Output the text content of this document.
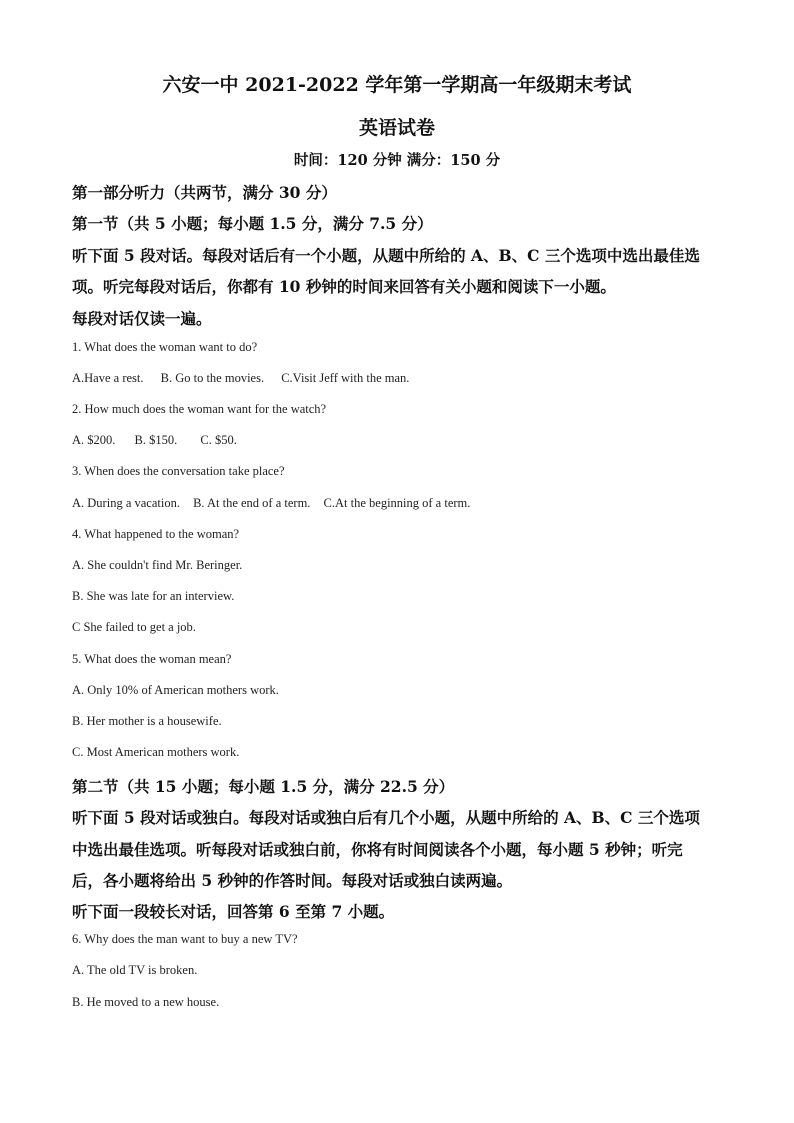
六安一中 2021-2022 学年第一学期高一年级期末考试
英语试卷
时间：120 分钟 满分：150 分
第一部分听力（共两节，满分 30 分）
第一节（共 5 小题；每小题 1.5 分，满分 7.5 分）
听下面 5 段对话。每段对话后有一个小题，从题中所给的 A、B、C 三个选项中选出最佳选
项。听完每段对话后，你都有 10 秒钟的时间来回答有关小题和阅读下一小题。
每段对话仅读一遍。
1. What does the woman want to do?
A.Have a rest. B. Go to the movies. C.Visit Jeff with the man.
2. How much does the woman want for the watch?
A. $200. B. $150. C. $50.
3. When does the conversation take place?
A. During a vacation. B. At the end of a term. C.At the beginning of a term.
4. What happened to the woman?
A. She couldn't find Mr. Beringer.
B. She was late for an interview.
C She failed to get a job.
5. What does the woman mean?
A. Only 10% of American mothers work.
B. Her mother is a housewife.
C. Most American mothers work.
第二节（共 15 小题；每小题 1.5 分，满分 22.5 分）
听下面 5 段对话或独白。每段对话或独白后有几个小题，从题中所给的 A、B、C 三个选项
中选出最佳选项。听每段对话或独白前，你将有时间阅读各个小题，每小题 5 秒钟；听完
后，各小题将给出 5 秒钟的作答时间。每段对话或独白读两遍。
听下面一段较长对话，回答第 6 至第 7 小题。
6. Why does the man want to buy a new TV?
A. The old TV is broken.
B. He moved to a new house.
